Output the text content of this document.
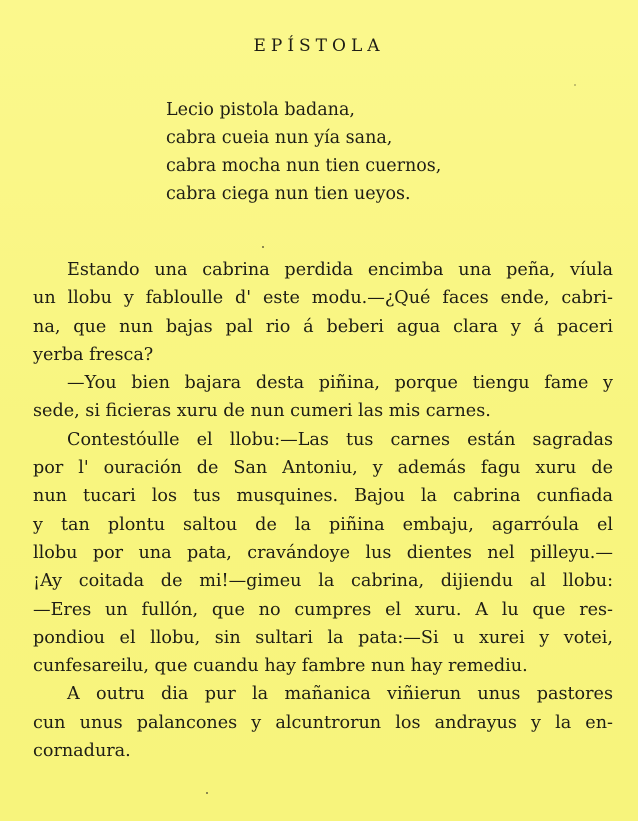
EPÍSTOLA
Lecio pistola badana,
cabra cueia nun yía sana,
cabra mocha nun tien cuernos,
cabra ciega nun tien ueyos.
Estando una cabrina perdida encimba una peña, víula
un llobu y fabloulle d' este modu.—¿Qué faces ende, cabri-
na, que nun bajas pal rio á beberi agua clara y á paceri
yerba fresca?
—You bien bajara desta piñina, porque tiengu fame y
sede, si ficieras xuru de nun cumeri las mis carnes.
Contestóulle el llobu:—Las tus carnes están sagradas
por l' ouración de San Antoniu, y además fagu xuru de
nun tucari los tus musquines. Bajou la cabrina cunfiada
y tan plontu saltou de la piñina embaju, agarróula el
llobu por una pata, cravándoye lus dientes nel pilleyu.—
¡Ay coitada de mi!—gimeu la cabrina, dijiendu al llobu:
—Eres un fullón, que no cumpres el xuru. A lu que res-
pondiou el llobu, sin sultari la pata:—Si u xurei y votei,
cunfesareilu, que cuandu hay fambre nun hay remediu.
A outru dia pur la mañanica viñierun unus pastores
cun unus palancones y alcuntrorun los andrayus y la en-
cornadura.
